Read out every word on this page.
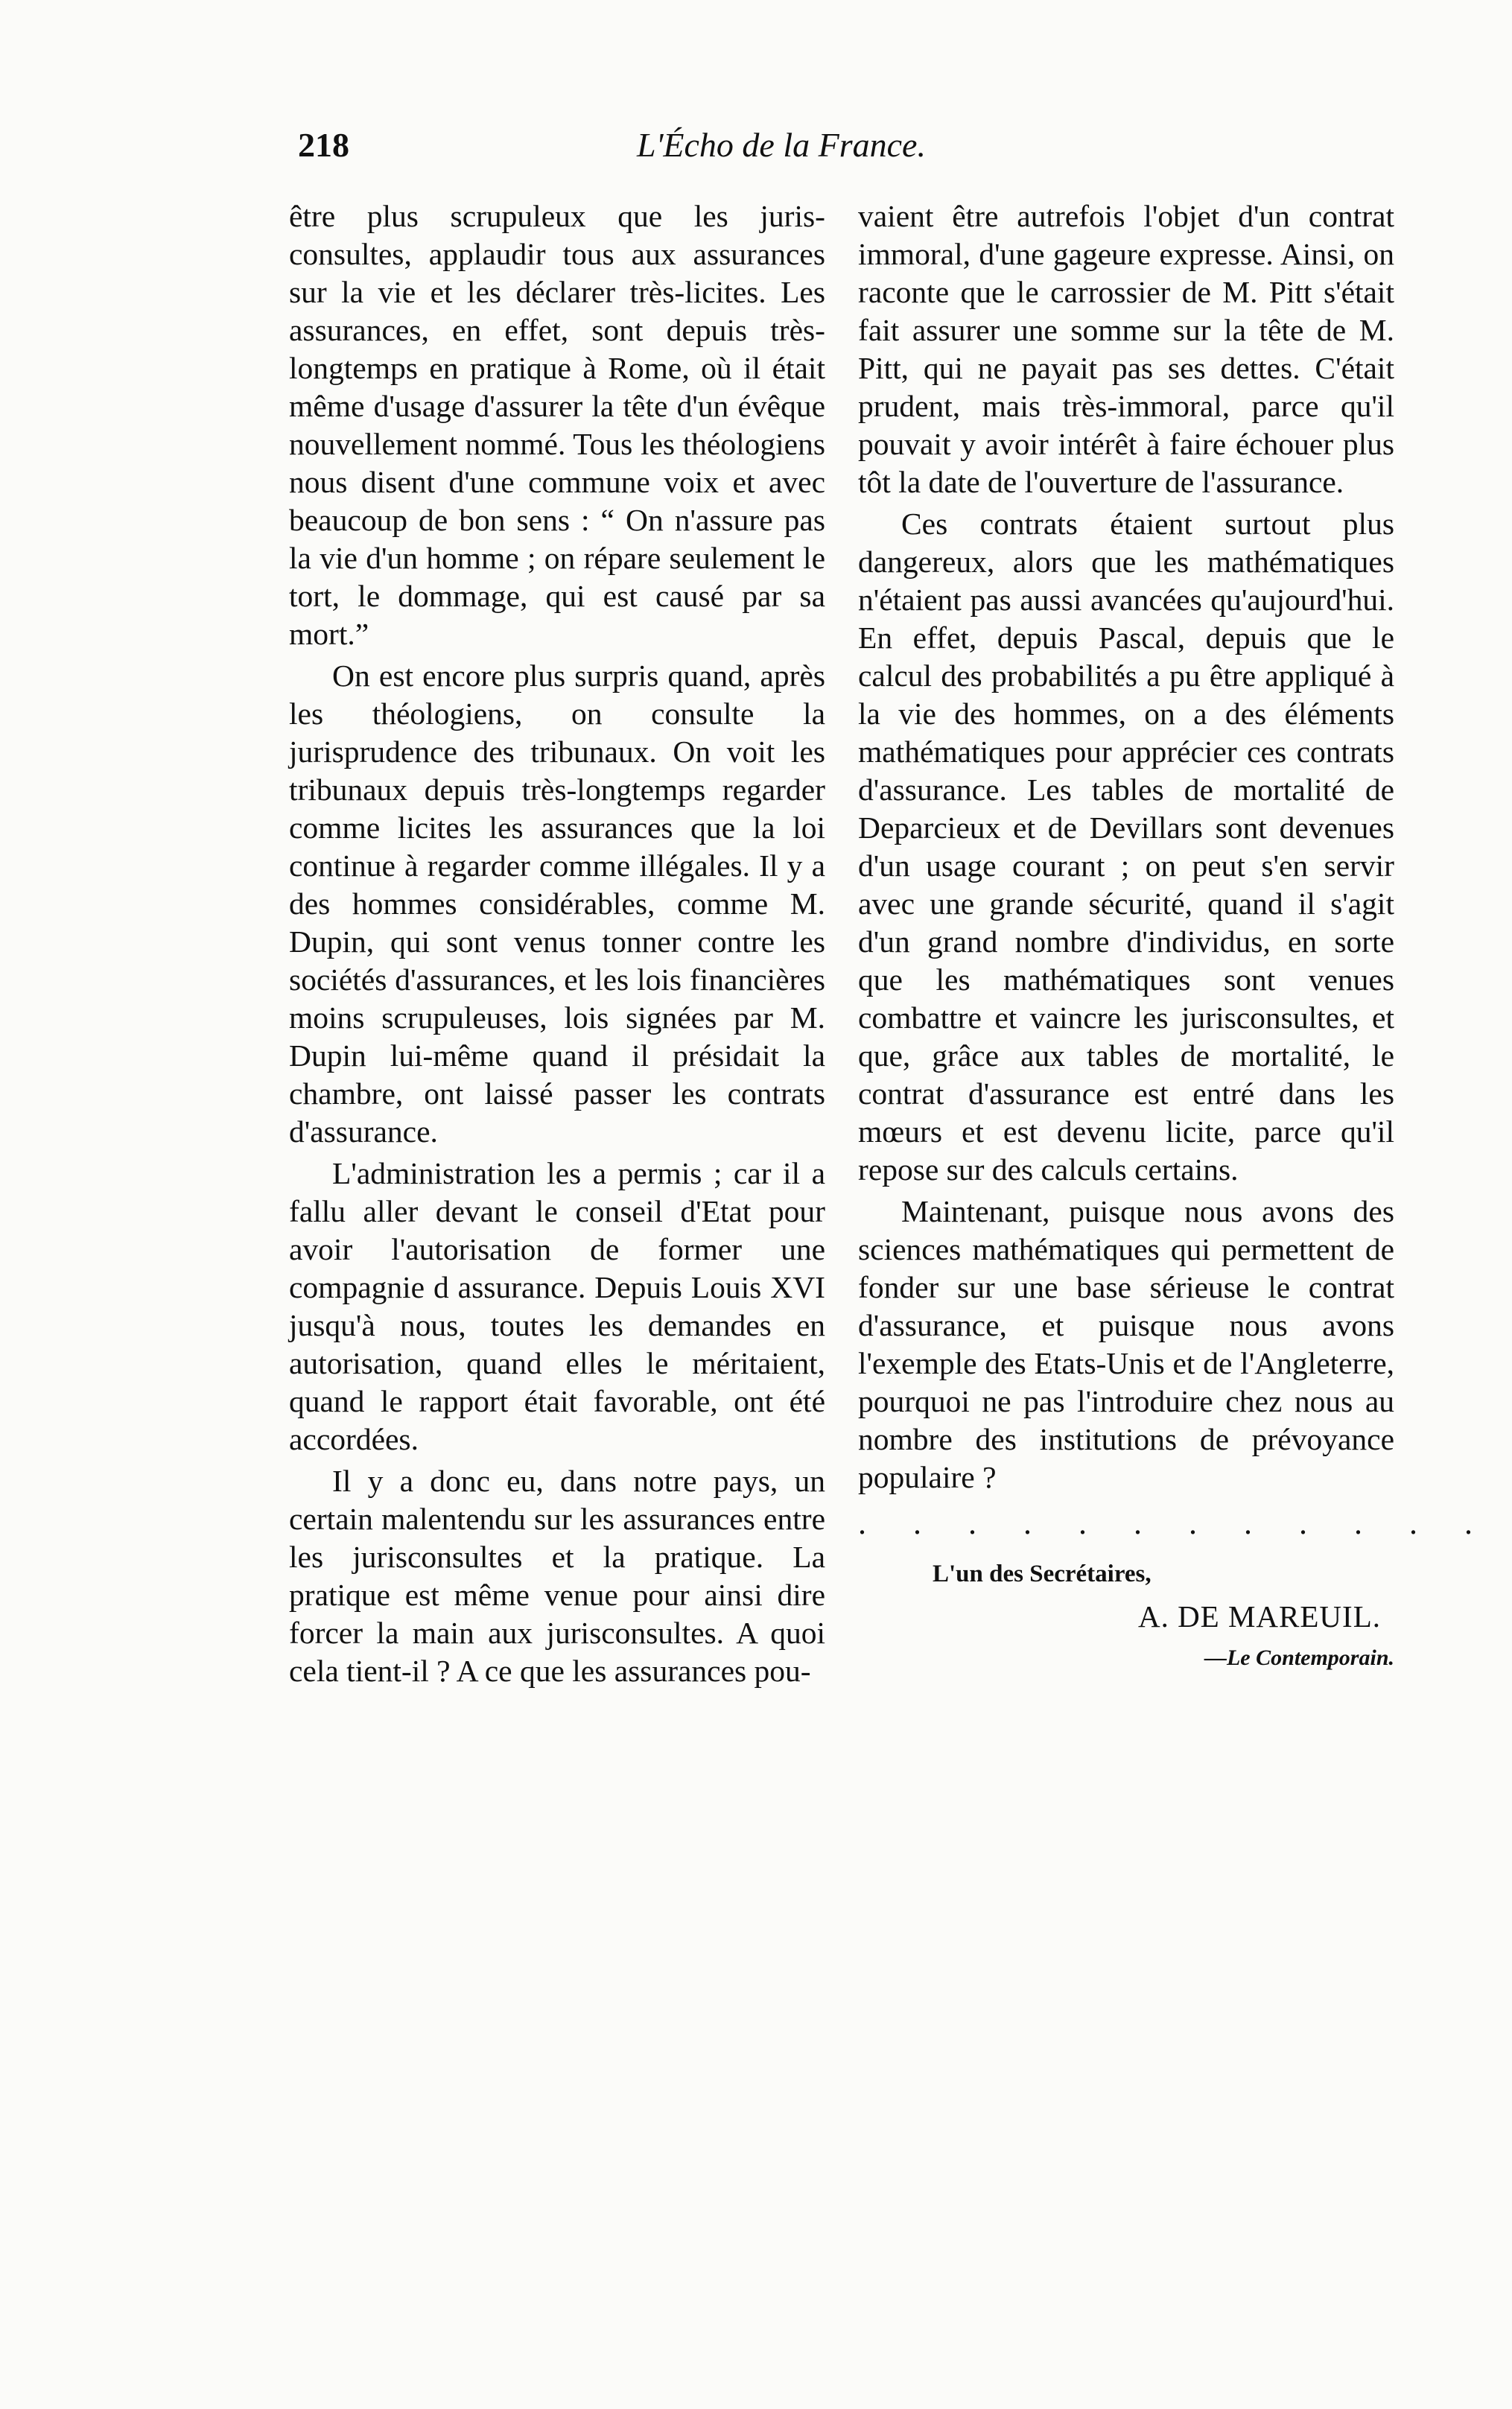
218	L'Écho de la France.

être plus scrupuleux que les juris-consultes, applaudir tous aux assurances sur la vie et les déclarer très-licites. Les assurances, en effet, sont depuis très-longtemps en pratique à Rome, où il était même d'usage d'assurer la tête d'un évêque nouvellement nommé. Tous les théologiens nous disent d'une commune voix et avec beaucoup de bon sens : “ On n'assure pas la vie d'un homme ; on répare seulement le tort, le dommage, qui est causé par sa mort.”

On est encore plus surpris quand, après les théologiens, on consulte la jurisprudence des tribunaux. On voit les tribunaux depuis très-longtemps regarder comme licites les assurances que la loi continue à regarder comme illégales. Il y a des hommes considérables, comme M. Dupin, qui sont venus tonner contre les sociétés d'assurances, et les lois financières moins scrupuleuses, lois signées par M. Dupin lui-même quand il présidait la chambre, ont laissé passer les contrats d'assurance.

L'administration les a permis ; car il a fallu aller devant le conseil d'Etat pour avoir l'autorisation de former une compagnie d assurance. Depuis Louis XVI jusqu'à nous, toutes les demandes en autorisation, quand elles le méritaient, quand le rapport était favorable, ont été accordées.

Il y a donc eu, dans notre pays, un certain malentendu sur les assurances entre les jurisconsultes et la pratique. La pratique est même venue pour ainsi dire forcer la main aux jurisconsultes. A quoi cela tient-il ? A ce que les assurances pou-

vaient être autrefois l'objet d'un contrat immoral, d'une gageure expresse. Ainsi, on raconte que le carrossier de M. Pitt s'était fait assurer une somme sur la tête de M. Pitt, qui ne payait pas ses dettes. C'était prudent, mais très-immoral, parce qu'il pouvait y avoir intérêt à faire échouer plus tôt la date de l'ouverture de l'assurance.

Ces contrats étaient surtout plus dangereux, alors que les mathématiques n'étaient pas aussi avancées qu'aujourd'hui. En effet, depuis Pascal, depuis que le calcul des probabilités a pu être appliqué à la vie des hommes, on a des éléments mathématiques pour apprécier ces contrats d'assurance. Les tables de mortalité de Deparcieux et de Devillars sont devenues d'un usage courant ; on peut s'en servir avec une grande sécurité, quand il s'agit d'un grand nombre d'individus, en sorte que les mathématiques sont venues combattre et vaincre les jurisconsultes, et que, grâce aux tables de mortalité, le contrat d'assurance est entré dans les mœurs et est devenu licite, parce qu'il repose sur des calculs certains.

Maintenant, puisque nous avons des sciences mathématiques qui permettent de fonder sur une base sérieuse le contrat d'assurance, et puisque nous avons l'exemple des Etats-Unis et de l'Angleterre, pourquoi ne pas l'introduire chez nous au nombre des institutions de prévoyance populaire ?

. . . . . . . . . . . .
L'un des Secrétaires,
A. DE MAREUIL.
—Le Contemporain.
